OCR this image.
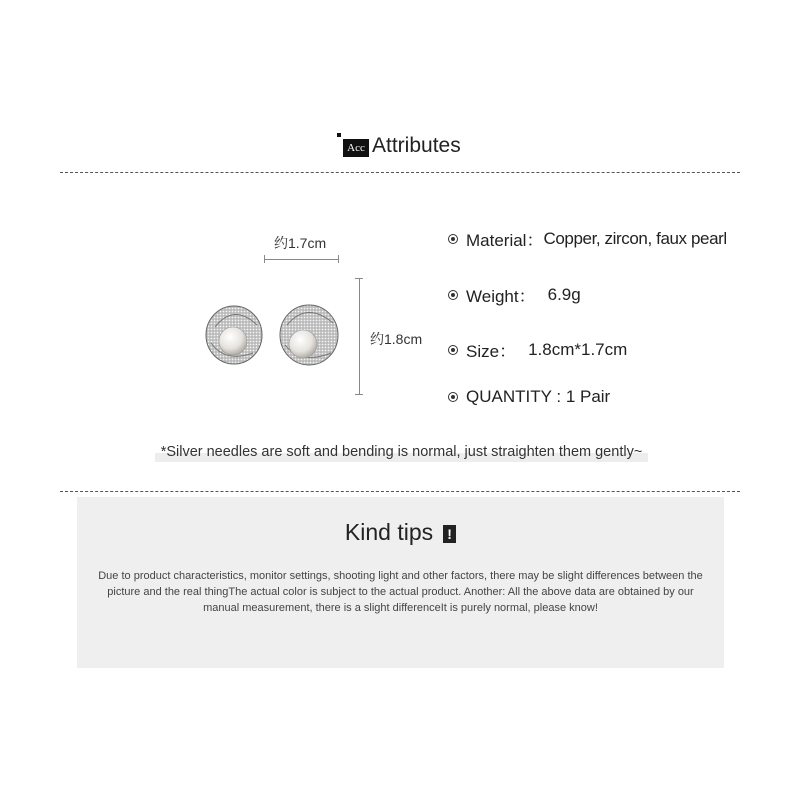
Acc Attributes
约1.7cm
约1.8cm
Material： Copper, zircon, faux pearl
Weight： 6.9g
Size： 1.8cm*1.7cm
QUANTITY : 1 Pair
*Silver needles are soft and bending is normal, just straighten them gently~
Kind tips !
Due to product characteristics, monitor settings, shooting light and other factors, there may be slight differences between the picture and the real thingThe actual color is subject to the actual product. Another: All the above data are obtained by our manual measurement, there is a slight differenceIt is purely normal, please know!
